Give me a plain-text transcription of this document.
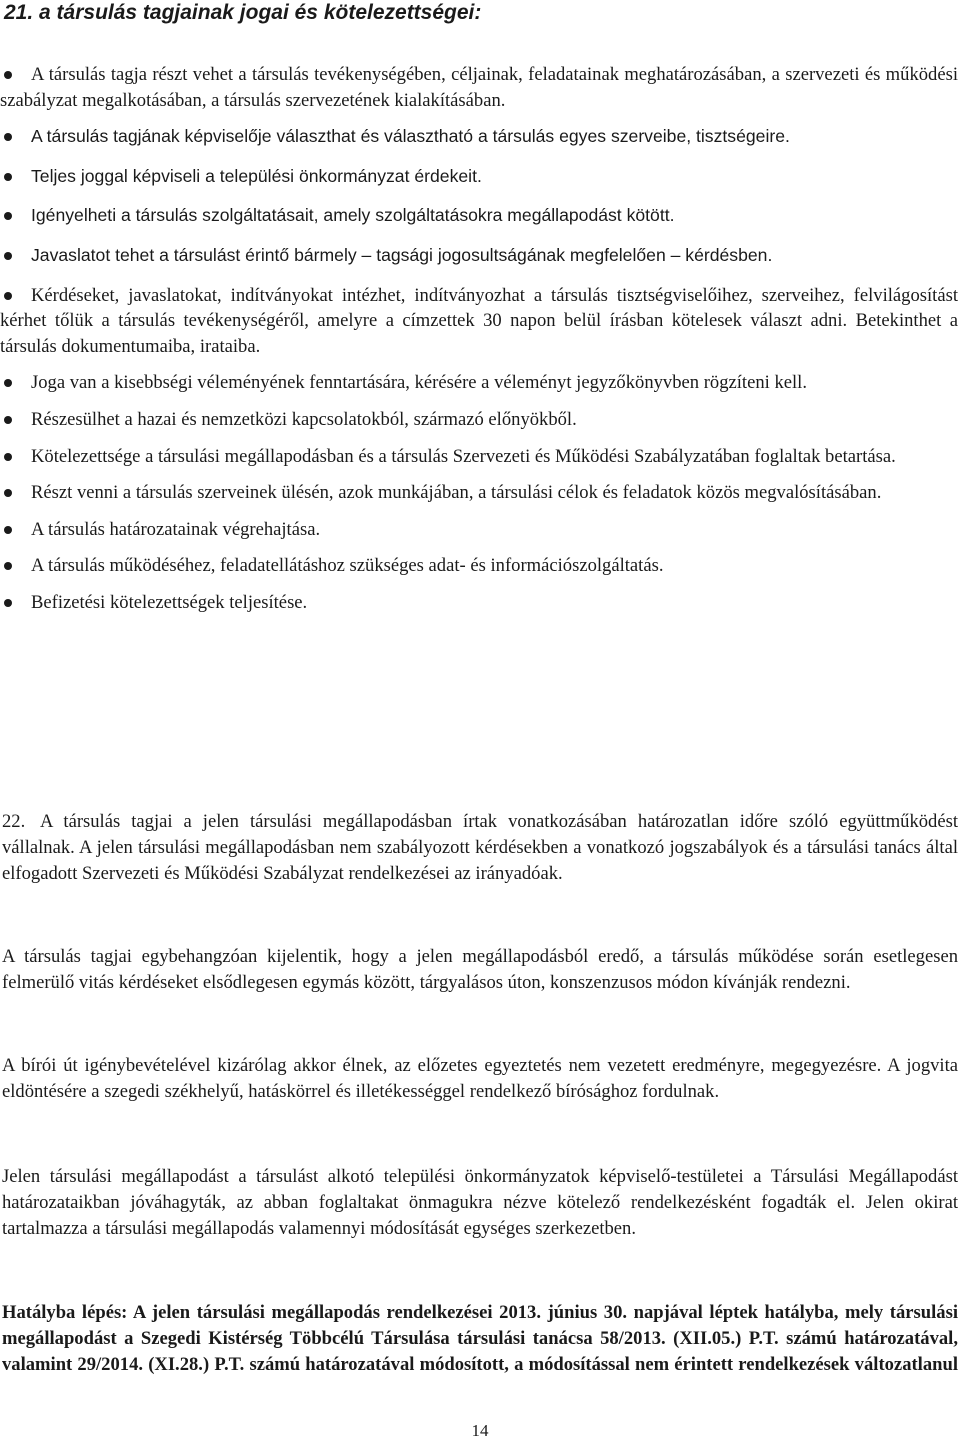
21. a társulás tagjainak jogai és kötelezettségei:
A társulás tagja részt vehet a társulás tevékenységében, céljainak, feladatainak meghatározásában, a szervezeti és működési szabályzat megalkotásában, a társulás szervezetének kialakításában.
A társulás tagjának képviselője választhat és választható a társulás egyes szerveibe, tisztségeire.
Teljes joggal képviseli a települési önkormányzat érdekeit.
Igényelheti a társulás szolgáltatásait, amely szolgáltatásokra megállapodást kötött.
Javaslatot tehet a társulást érintő bármely – tagsági jogosultságának megfelelően – kérdésben.
Kérdéseket, javaslatokat, indítványokat intézhet, indítványozhat a társulás tisztségviselőihez, szerveihez, felvilágosítást kérhet tőlük a társulás tevékenységéről, amelyre a címzettek 30 napon belül írásban kötelesek választ adni. Betekinthet a társulás dokumentumaiba, irataiba.
Joga van a kisebbségi véleményének fenntartására, kérésére a véleményt jegyzőkönyvben rögzíteni kell.
Részesülhet a hazai és nemzetközi kapcsolatokból, származó előnyökből.
Kötelezettsége a társulási megállapodásban és a társulás Szervezeti és Működési Szabályzatában foglaltak betartása.
Részt venni a társulás szerveinek ülésén, azok munkájában, a társulási célok és feladatok közös megvalósításában.
A társulás határozatainak végrehajtása.
A társulás működéséhez, feladatellátáshoz szükséges adat- és információszolgáltatás.
Befizetési kötelezettségek teljesítése.

22. A társulás tagjai a jelen társulási megállapodásban írtak vonatkozásában határozatlan időre szóló együttműködést vállalnak. A jelen társulási megállapodásban nem szabályozott kérdésekben a vonatkozó jogszabályok és a társulási tanács által elfogadott Szervezeti és Működési Szabályzat rendelkezései az irányadóak.

A társulás tagjai egybehangzóan kijelentik, hogy a jelen megállapodásból eredő, a társulás működése során esetlegesen felmerülő vitás kérdéseket elsődlegesen egymás között, tárgyalásos úton, konszenzusos módon kívánják rendezni.

A bírói út igénybevételével kizárólag akkor élnek, az előzetes egyeztetés nem vezetett eredményre, megegyezésre. A jogvita eldöntésére a szegedi székhelyű, hatáskörrel és illetékességgel rendelkező bírósághoz fordulnak.

Jelen társulási megállapodást a társulást alkotó települési önkormányzatok képviselő-testületei a Társulási Megállapodást határozataikban jóváhagyták, az abban foglaltakat önmagukra nézve kötelező rendelkezésként fogadták el. Jelen okirat tartalmazza a társulási megállapodás valamennyi módosítását egységes szerkezetben.

Hatályba lépés: A jelen társulási megállapodás rendelkezései 2013. június 30. napjával léptek hatályba, mely társulási megállapodást a Szegedi Kistérség Többcélú Társulása társulási tanácsa 58/2013. (XII.05.) P.T. számú határozatával, valamint 29/2014. (XI.28.) P.T. számú határozatával módosított, a módosítással nem érintett rendelkezések változatlanul

14
